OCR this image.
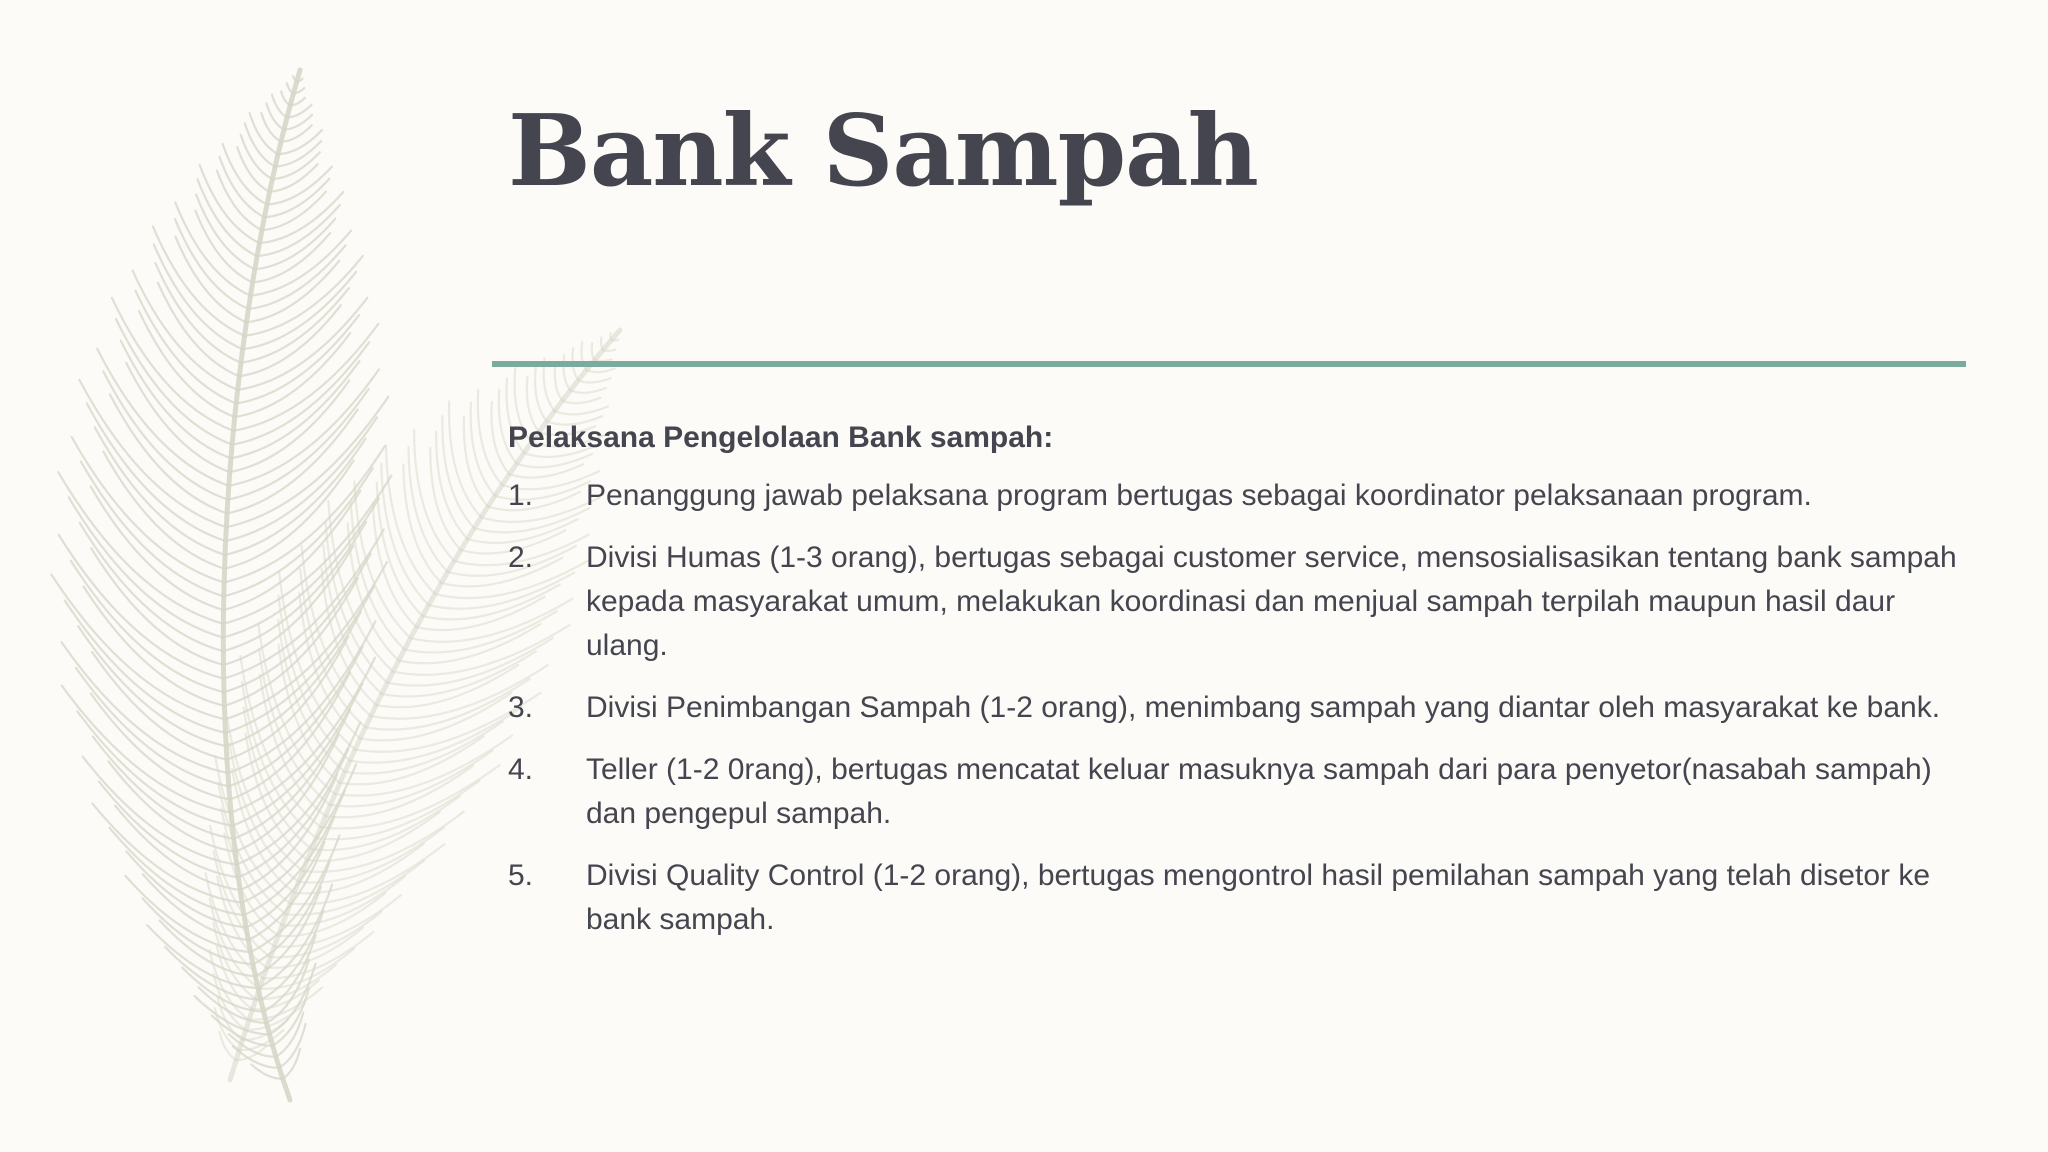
Bank Sampah

Pelaksana Pengelolaan Bank sampah:

1. Penanggung jawab pelaksana program bertugas sebagai koordinator pelaksanaan program.
2. Divisi Humas (1-3 orang), bertugas sebagai customer service, mensosialisasikan tentang bank sampah kepada masyarakat umum, melakukan koordinasi dan menjual sampah terpilah maupun hasil daur ulang.
3. Divisi Penimbangan Sampah (1-2 orang), menimbang sampah yang diantar oleh masyarakat ke bank.
4. Teller (1-2 0rang), bertugas mencatat keluar masuknya sampah dari para penyetor(nasabah sampah) dan pengepul sampah.
5. Divisi Quality Control (1-2 orang), bertugas mengontrol hasil pemilahan sampah yang telah disetor ke bank sampah.
